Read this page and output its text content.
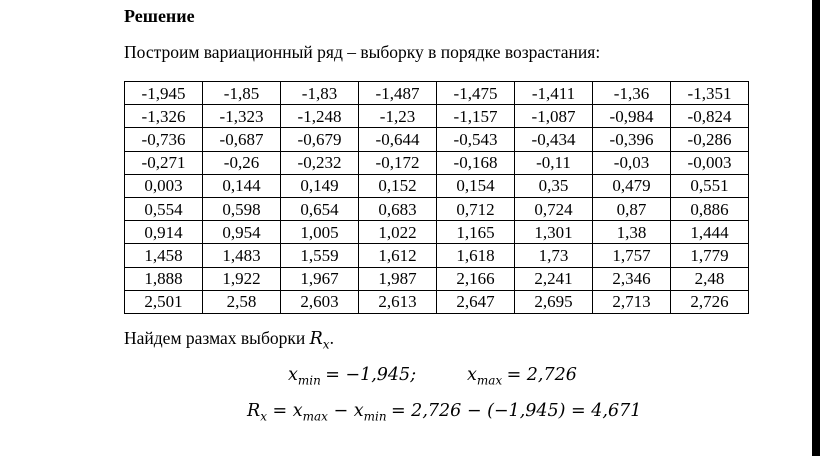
Решение
Построим вариационный ряд – выборку в порядке возрастания:
-1,945	-1,85	-1,83	-1,487	-1,475	-1,411	-1,36	-1,351
-1,326	-1,323	-1,248	-1,23	-1,157	-1,087	-0,984	-0,824
-0,736	-0,687	-0,679	-0,644	-0,543	-0,434	-0,396	-0,286
-0,271	-0,26	-0,232	-0,172	-0,168	-0,11	-0,03	-0,003
0,003	0,144	0,149	0,152	0,154	0,35	0,479	0,551
0,554	0,598	0,654	0,683	0,712	0,724	0,87	0,886
0,914	0,954	1,005	1,022	1,165	1,301	1,38	1,444
1,458	1,483	1,559	1,612	1,618	1,73	1,757	1,779
1,888	1,922	1,967	1,987	2,166	2,241	2,346	2,48
2,501	2,58	2,603	2,613	2,647	2,695	2,713	2,726
Найдем размах выборки $R_x$.
$x_{min} = -1,945$;	$x_{max} = 2,726$
$R_x = x_{max} - x_{min} = 2,726 - (-1,945) = 4,671$
